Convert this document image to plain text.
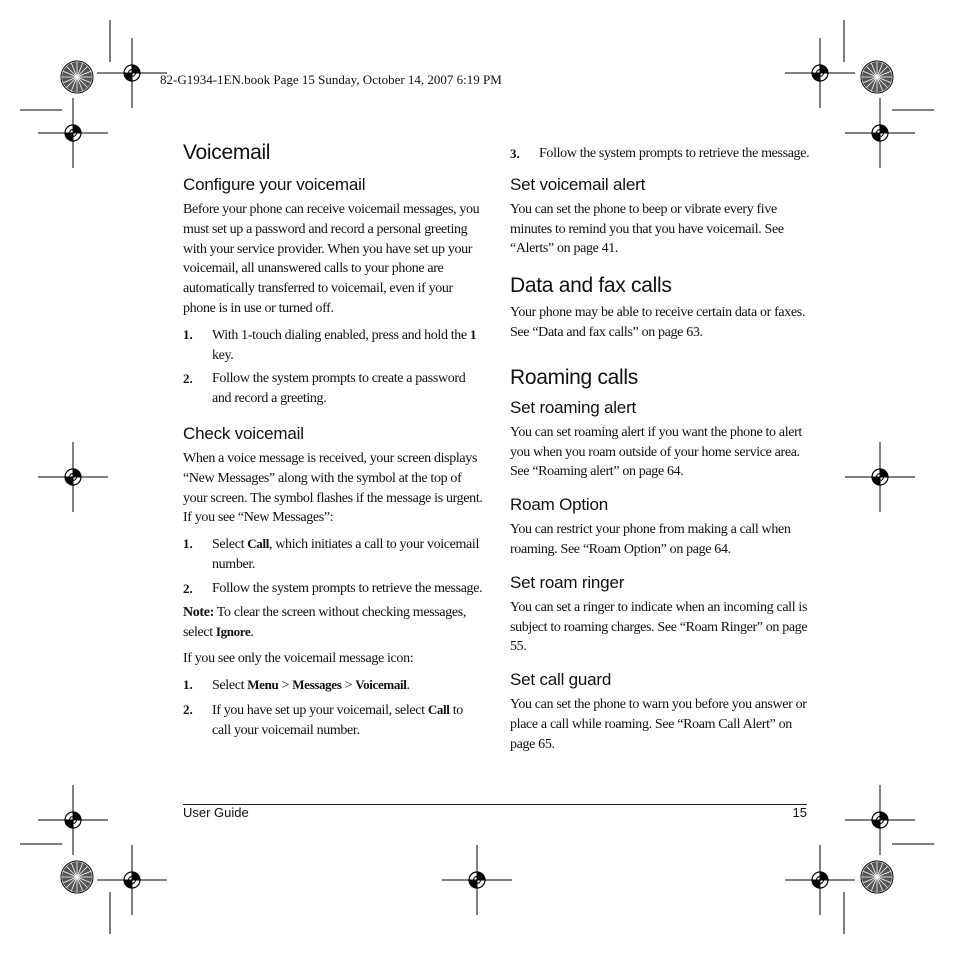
82-G1934-1EN.book Page 15 Sunday, October 14, 2007 6:19 PM
Voicemail
Configure your voicemail

Before your phone can receive voicemail messages, you must set up a password and record a personal greeting with your service provider. When you have set up your voicemail, all unanswered calls to your phone are automatically transferred to voicemail, even if your phone is in use or turned off.

1.	With 1-touch dialing enabled, press and hold the 1 key.
2.	Follow the system prompts to create a password and record a greeting.
Check voicemail

When a voice message is received, your screen displays “New Messages” along with the symbol at the top of your screen. The symbol flashes if the message is urgent. If you see “New Messages”:

1.	Select Call, which initiates a call to your voicemail number.
2.	Follow the system prompts to retrieve the message.

Note: To clear the screen without checking messages, select Ignore.

If you see only the voicemail message icon:

1.	Select Menu > Messages > Voicemail.
2.	If you have set up your voicemail, select Call to call your voicemail number.
3.	Follow the system prompts to retrieve the message.
Set voicemail alert

You can set the phone to beep or vibrate every five minutes to remind you that you have voicemail. See “Alerts” on page 41.

Data and fax calls

Your phone may be able to receive certain data or faxes. See “Data and fax calls” on page 63.

Roaming calls
Set roaming alert

You can set roaming alert if you want the phone to alert you when you roam outside of your home service area. See “Roaming alert” on page 64.

Roam Option

You can restrict your phone from making a call when roaming. See “Roam Option” on page 64.

Set roam ringer

You can set a ringer to indicate when an incoming call is subject to roaming charges. See “Roam Ringer” on page 55.

Set call guard

You can set the phone to warn you before you answer or place a call while roaming. See “Roam Call Alert” on page 65.

User Guide	15
